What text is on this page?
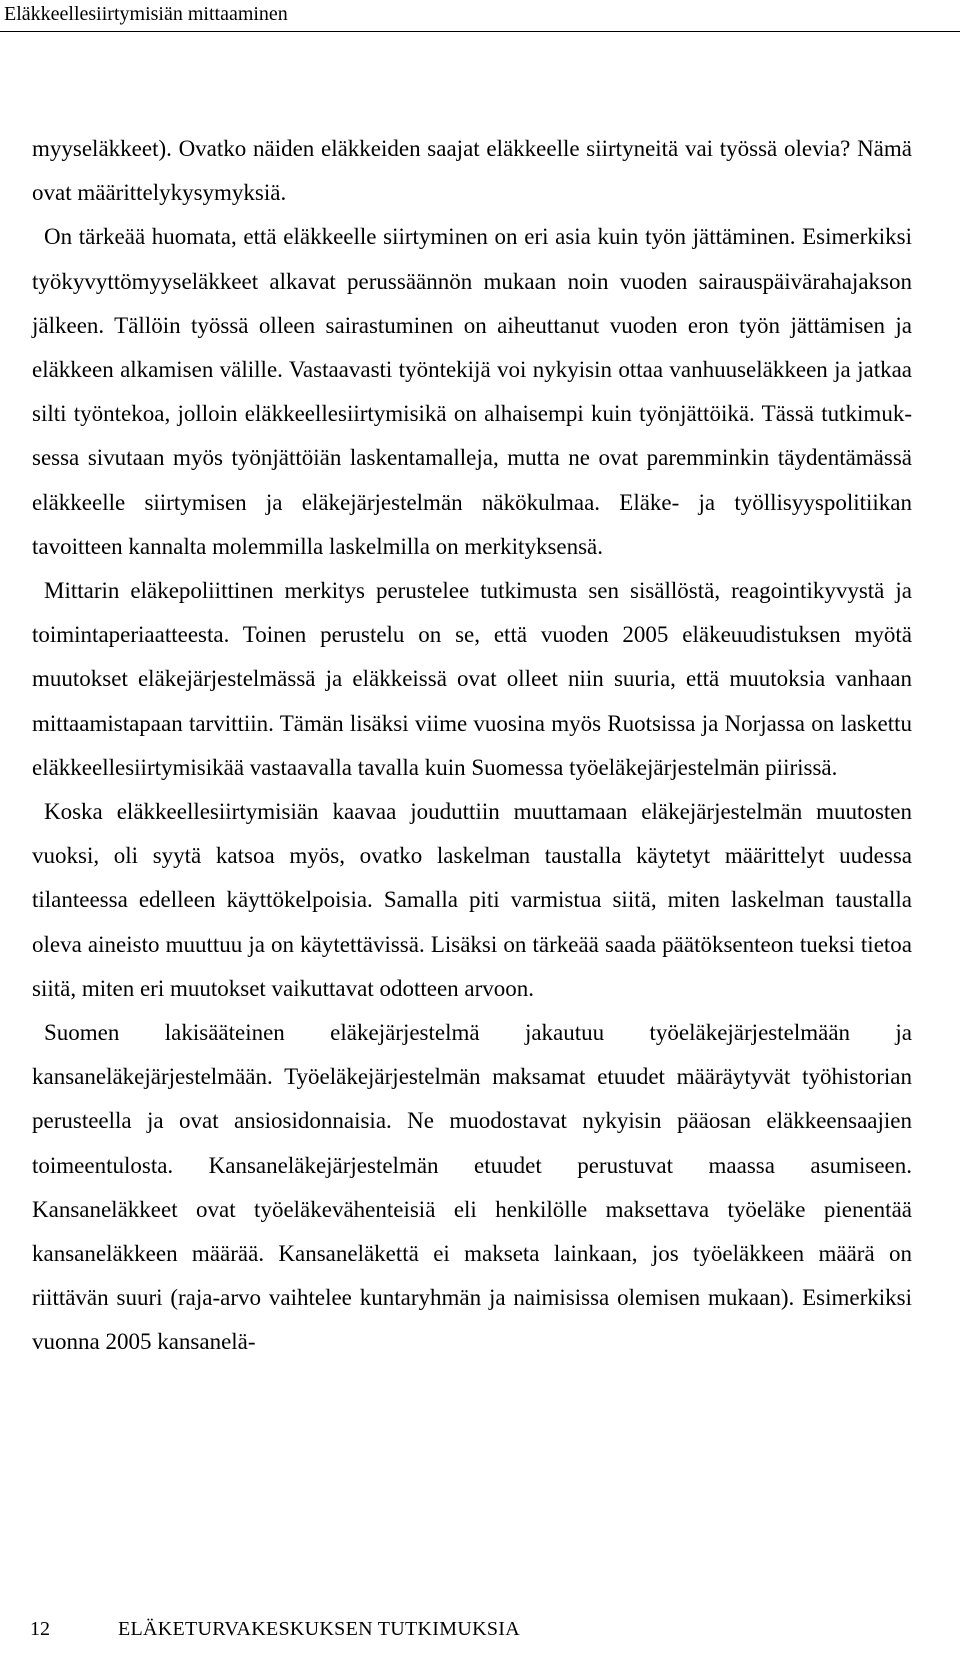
Eläkkeellesiirtymisiän mittaaminen

myyseläkkeet). Ovatko näiden eläkkeiden saajat eläkkeelle siirtyneitä vai työssä olevia? Nämä ovat määrittelykysymyksiä.

On tärkeää huomata, että eläkkeelle siirtyminen on eri asia kuin työn jättäminen. Esimerkiksi työkyvyttömyyseläkkeet alkavat perussäännön mukaan noin vuoden sairauspäivärahajakson jälkeen. Tällöin työssä olleen sairastuminen on aiheuttanut vuoden eron työn jättämisen ja eläkkeen alkamisen välille. Vastaavasti työntekijä voi nykyisin ottaa vanhuuseläkkeen ja jatkaa silti työntekoa, jolloin eläkkeellesiirtymisikä on alhaisempi kuin työnjättöikä. Tässä tutkimuksessa sivutaan myös työnjättöiän laskentamalleja, mutta ne ovat paremminkin täydentämässä eläkkeelle siirtymisen ja eläkejärjestelmän näkökulmaa. Eläke- ja työllisyyspolitiikan tavoitteen kannalta molemmilla laskelmilla on merkityksensä.

Mittarin eläkepoliittinen merkitys perustelee tutkimusta sen sisällöstä, reagointikyvystä ja toimintaperiaatteesta. Toinen perustelu on se, että vuoden 2005 eläkeuudistuksen myötä muutokset eläkejärjestelmässä ja eläkkeissä ovat olleet niin suuria, että muutoksia vanhaan mittaamistapaan tarvittiin. Tämän lisäksi viime vuosina myös Ruotsissa ja Norjassa on laskettu eläkkeellesiirtymisikää vastaavalla tavalla kuin Suomessa työeläkejärjestelmän piirissä.

Koska eläkkeellesiirtymisiän kaavaa jouduttiin muuttamaan eläkejärjestelmän muutosten vuoksi, oli syytä katsoa myös, ovatko laskelman taustalla käytetyt määrittelyt uudessa tilanteessa edelleen käyttökelpoisia. Samalla piti varmistua siitä, miten laskelman taustalla oleva aineisto muuttuu ja on käytettävissä. Lisäksi on tärkeää saada päätöksenteon tueksi tietoa siitä, miten eri muutokset vaikuttavat odotteen arvoon.

Suomen lakisääteinen eläkejärjestelmä jakautuu työeläkejärjestelmään ja kansaneläkejärjestelmään. Työeläkejärjestelmän maksamat etuudet määräytyvät työhistorian perusteella ja ovat ansiosidonnaisia. Ne muodostavat nykyisin pääosan eläkkeensaajien toimeentulosta. Kansaneläkejärjestelmän etuudet perustuvat maassa asumiseen. Kansaneläkkeet ovat työeläkevähenteisiä eli henkilölle maksettava työeläke pienentää kansaneläkkeen määrää. Kansaneläkettä ei makseta lainkaan, jos työeläkkeen määrä on riittävän suuri (raja-arvo vaihtelee kuntaryhmän ja naimisissa olemisen mukaan). Esimerkiksi vuonna 2005 kansanelä-

12	ELÄKETURVAKESKUKSEN TUTKIMUKSIA
